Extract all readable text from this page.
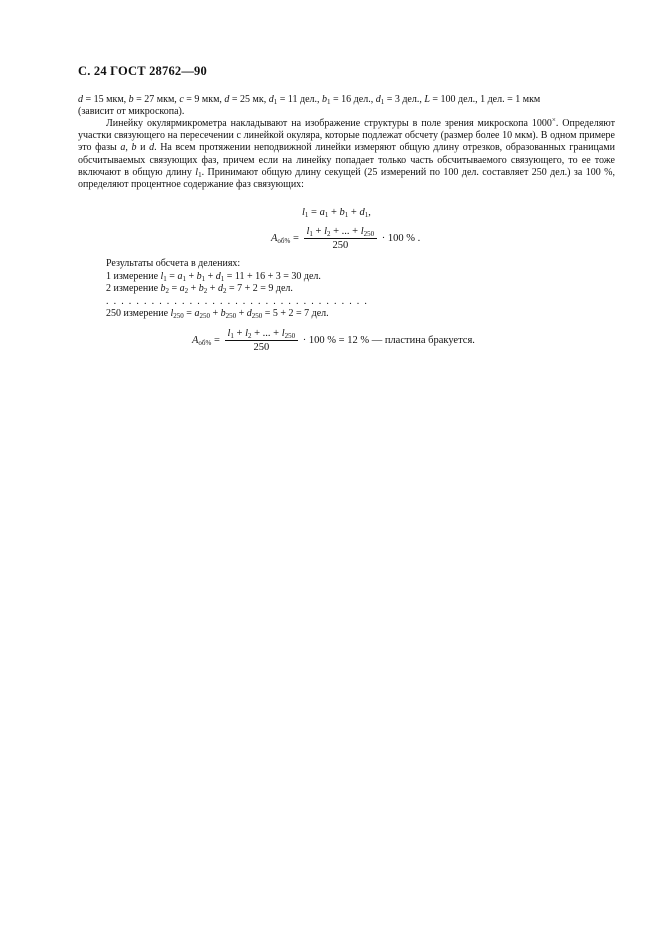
С. 24 ГОСТ 28762—90
d = 15 мкм, b = 27 мкм, c = 9 мкм, d = 25 мк, $d_1 = 11$ дел., $b_1 = 16$ дел., $d_1 = 3$ дел., L = 100 дел., 1 дел. = 1 мкм
(зависит от микроскопа).
Линейку окулярмикрометра накладывают на изображение структуры в поле зрения микроскопа 1000×. Определяют участки связующего на пересечении с линейкой окуляра, которые подлежат обсчету (размер более 10 мкм). В одном примере это фазы a, b и d. На всем протяжении неподвижной линейки измеряют общую длину отрезков, образованных границами обсчитываемых связующих фаз, причем если на линейку попадает только часть обсчитываемого связующего, то ее тоже включают в общую длину $l_1$. Принимают общую длину секущей (25 измерений по 100 дел. составляет 250 дел.) за 100 %, определяют процентное содержание фаз связующих:
$l_1 = a_1 + b_1 + d_1$,
$A_{об\%} = \frac{l_1 + l_2 + ... + l_{250}}{250} \cdot 100$ % .
Результаты обсчета в делениях:
1 измерение $l_1 = a_1 + b_1 + d_1 = 11 + 16 + 3 = 30$ дел.
2 измерение $b_2 = a_2 + b_2 + d_2 = 7 + 2 = 9$ дел.
. . . . . . . . . . . . . . . . . . . . . . . . . . . . . . . . . . .
250 измерение $l_{250} = a_{250} + b_{250} + d_{250} = 5 + 2 = 7$ дел.
$A_{об\%} = \frac{l_1 + l_2 + ... + l_{250}}{250} \cdot 100$ % = 12 % — пластина бракуется.
